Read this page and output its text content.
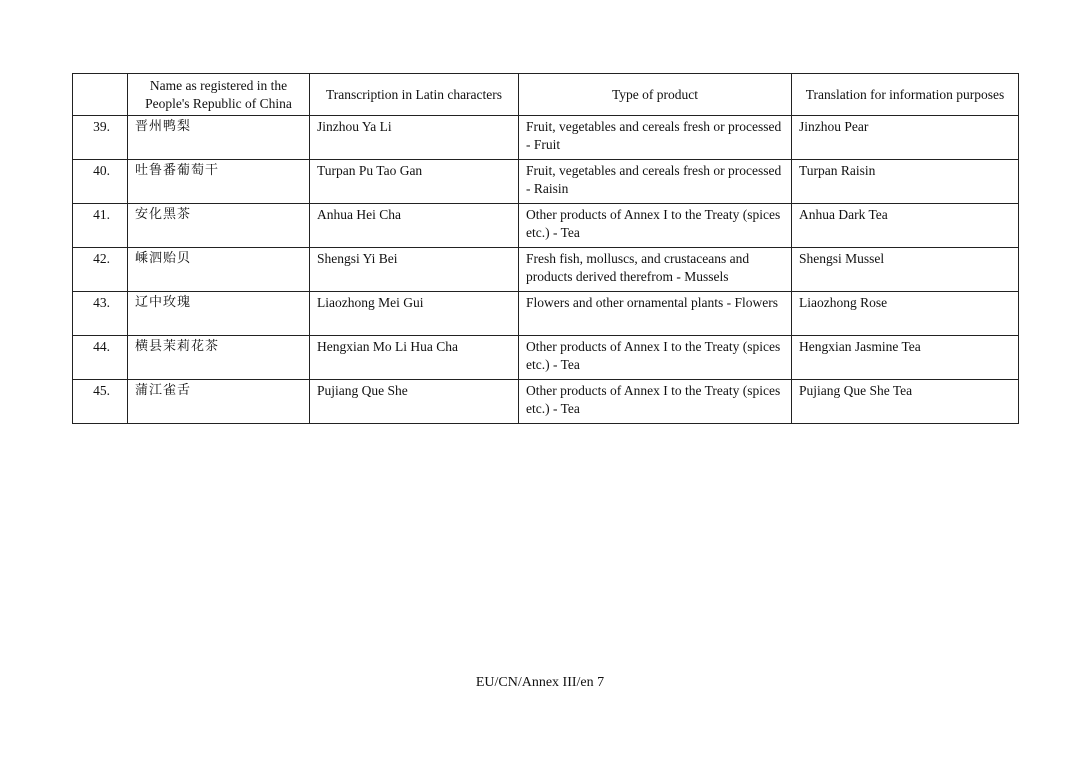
	Name as registered in the People's Republic of China	Transcription in Latin characters	Type of product	Translation for information purposes
39.	晋州鸭梨	Jinzhou Ya Li	Fruit, vegetables and cereals fresh or processed - Fruit	Jinzhou Pear
40.	吐鲁番葡萄干	Turpan Pu Tao Gan	Fruit, vegetables and cereals fresh or processed - Raisin	Turpan Raisin
41.	安化黑茶	Anhua Hei Cha	Other products of Annex I to the Treaty (spices etc.) - Tea	Anhua Dark Tea
42.	嵊泗贻贝	Shengsi Yi Bei	Fresh fish, molluscs, and crustaceans and products derived therefrom - Mussels	Shengsi Mussel
43.	辽中玫瑰	Liaozhong Mei Gui	Flowers and other ornamental plants - Flowers	Liaozhong Rose
44.	横县茉莉花茶	Hengxian Mo Li Hua Cha	Other products of Annex I to the Treaty (spices etc.) - Tea	Hengxian Jasmine Tea
45.	蒲江雀舌	Pujiang Que She	Other products of Annex I to the Treaty (spices etc.) - Tea	Pujiang Que She Tea
EU/CN/Annex III/en 7
